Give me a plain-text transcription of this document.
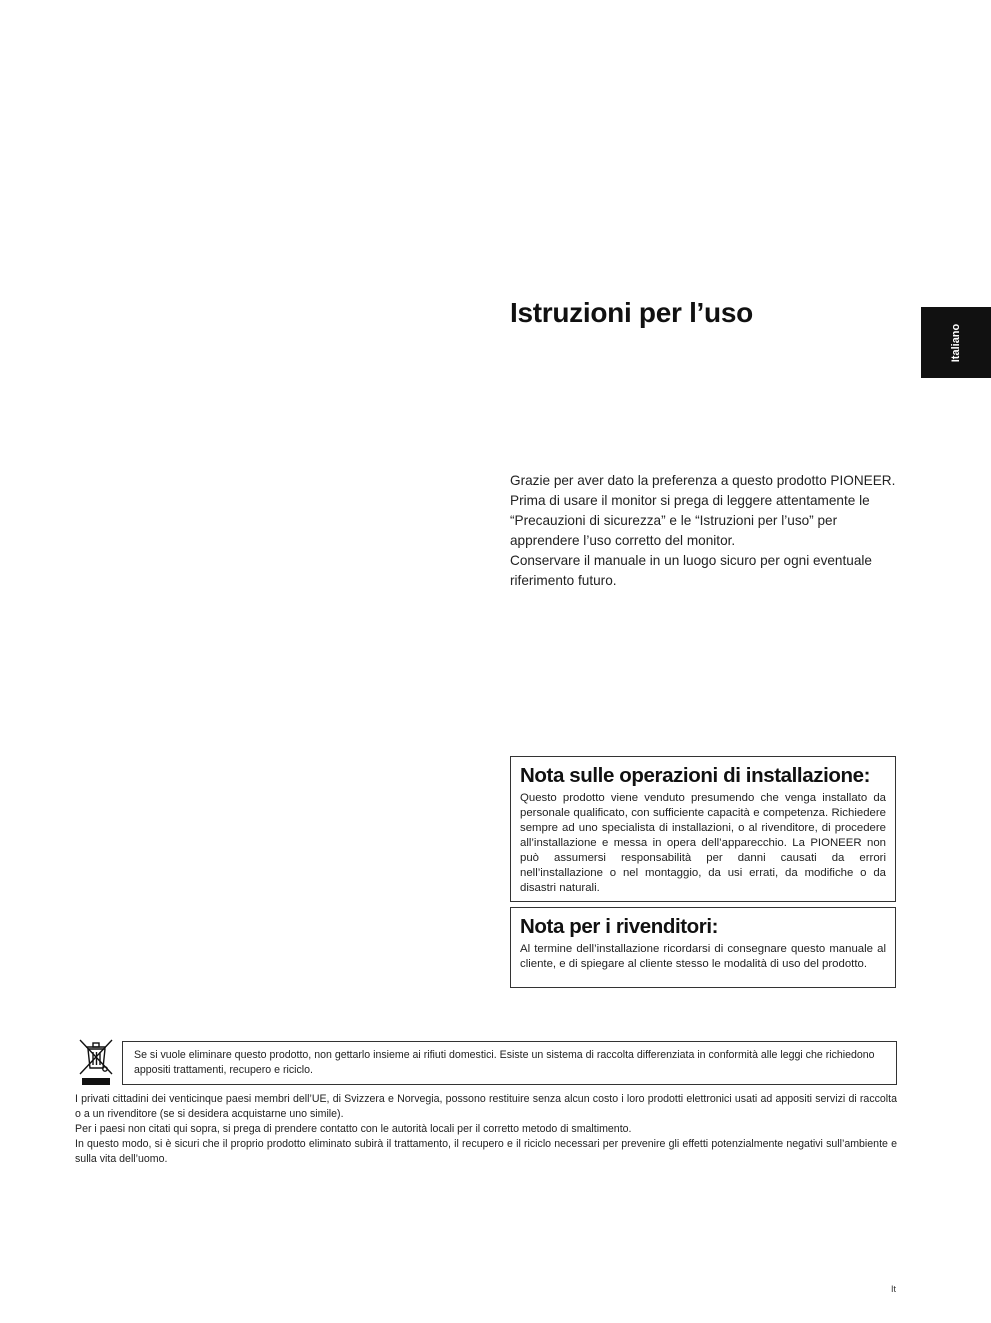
Istruzioni per l’uso
Italiano

Grazie per aver dato la preferenza a questo prodotto PIONEER.

Prima di usare il monitor si prega di leggere attentamente le “Precauzioni di sicurezza” e le “Istruzioni per l’uso” per apprendere l’uso corretto del monitor.

Conservare il manuale in un luogo sicuro per ogni eventuale riferimento futuro.

Nota sulle operazioni di installazione:

Questo prodotto viene venduto presumendo che venga installato da personale qualificato, con sufficiente capacità e competenza. Richiedere sempre ad uno specialista di installazioni, o al rivenditore, di procedere all’installazione e messa in opera dell’apparecchio. La PIONEER non può assumersi responsabilità per danni causati da errori nell’installazione o nel montaggio, da usi errati, da modifiche o da disastri naturali.

Nota per i rivenditori:

Al termine dell’installazione ricordarsi di consegnare questo manuale al cliente, e di spiegare al cliente stesso le modalità di uso del prodotto.

Se si vuole eliminare questo prodotto, non gettarlo insieme ai rifiuti domestici. Esiste un sistema di raccolta differenziata in conformità alle leggi che richiedono appositi trattamenti, recupero e riciclo.

I privati cittadini dei venticinque paesi membri dell’UE, di Svizzera e Norvegia, possono restituire senza alcun costo i loro prodotti elettronici usati ad appositi servizi di raccolta o a un rivenditore (se si desidera acquistarne uno simile).

Per i paesi non citati qui sopra, si prega di prendere contatto con le autorità locali per il corretto metodo di smaltimento.

In questo modo, si è sicuri che il proprio prodotto eliminato subirà il trattamento, il recupero e il riciclo necessari per prevenire gli effetti potenzialmente negativi sull’ambiente e sulla vita dell’uomo.

It
